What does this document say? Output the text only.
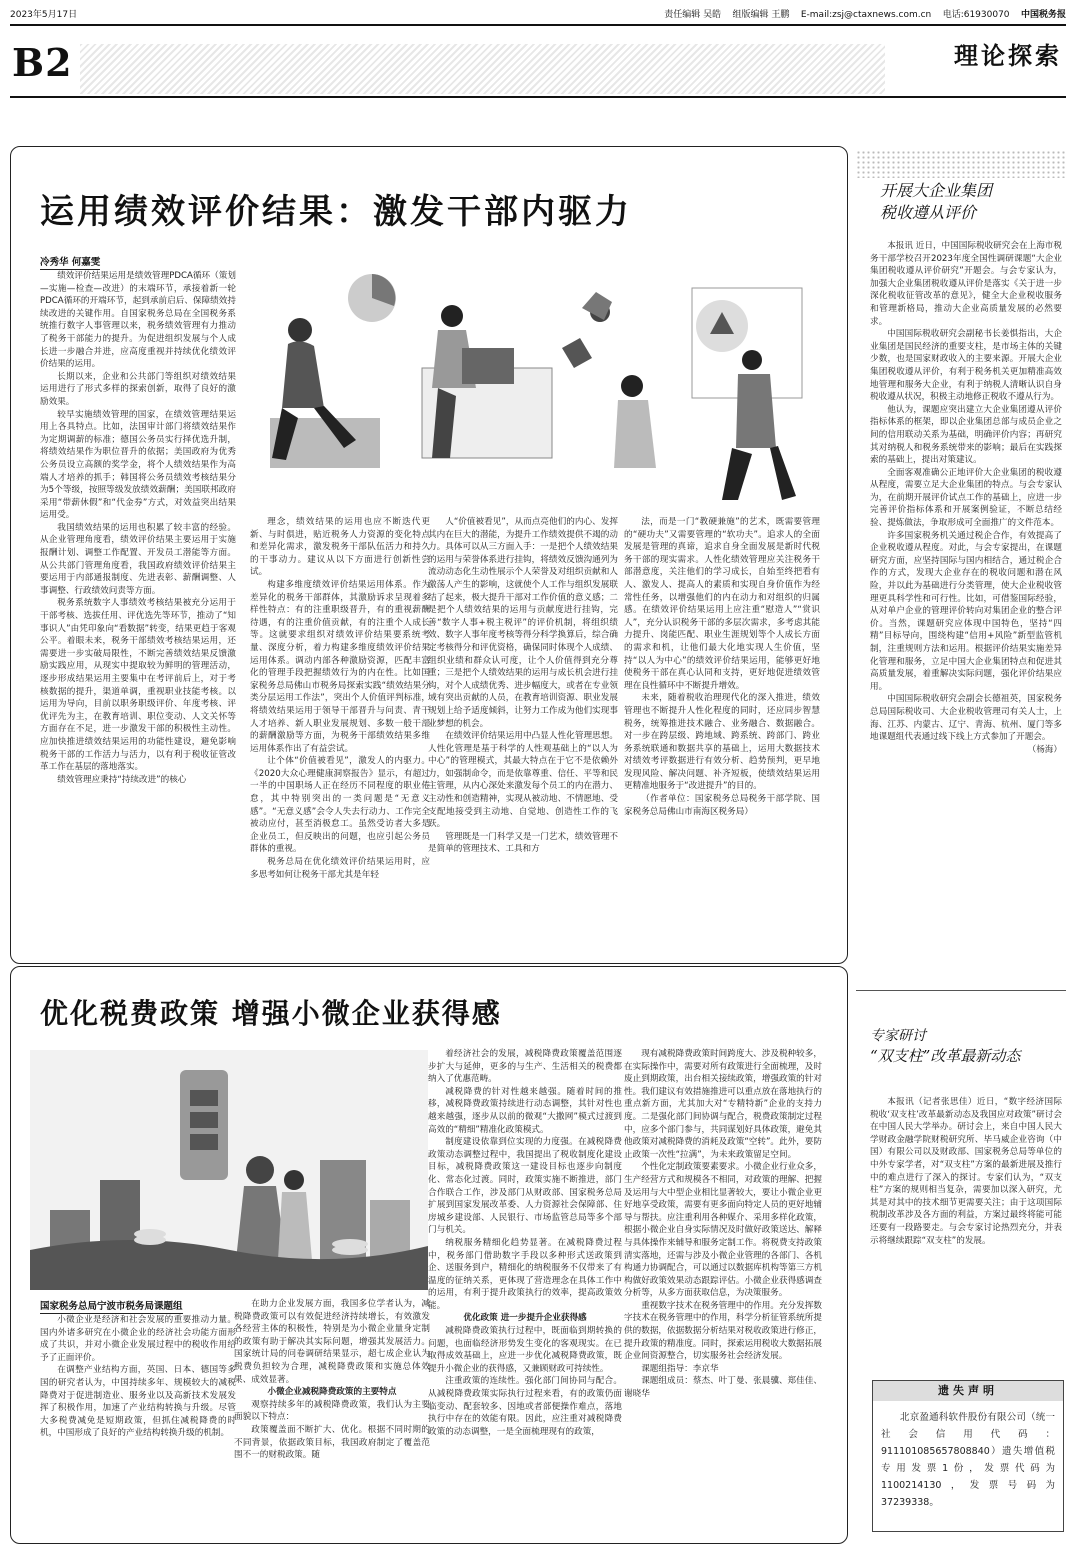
2023年5月17日	责任编辑 吴皓 组版编辑 王鹏 E-mail:zsj@ctaxnews.com.cn 电话:61930070 中国税务报
B2	理论探索
运用绩效评价结果：激发干部内驱力
冷秀华 何嘉雯

绩效评价结果运用是绩效管理PDCA循环（策划—实施—检查—改进）的末端环节，承接着新一轮PDCA循环的开端环节，起到承前启后、保障绩效持续改进的关键作用。自国家税务总局在全国税务系统推行数字人事管理以来，税务绩效管理有力推动了税务干部能力的提升。为促进组织发展与个人成长进一步融合并进，应高度重视并持续优化绩效评价结果的运用。

长期以来，企业和公共部门等组织对绩效结果运用进行了形式多样的探索创新，取得了良好的激励效果。

较早实施绩效管理的国家，在绩效管理结果运用上各具特点。比如，法国审计部门将绩效结果作为定期调薪的标准；德国公务员实行择优选升制，将绩效结果作为职位晋升的依据；美国政府为优秀公务员设立高额的奖学金，将个人绩效结果作为高端人才培养的抓手；韩国将公务员绩效考核结果分为5个等级，按照等级发放绩效薪酬；美国联邦政府采用“带薪休假”和“代金券”方式，对效益突出结果运用受。

我国绩效结果的运用也积累了较丰富的经验。从企业管理角度看，绩效评价结果主要运用于实施报酬计划、调整工作配置、开发员工潜能等方面。从公共部门管理角度看，我国政府绩效评价结果主要运用于内部通报制度、先进表彰、薪酬调整、人事调整、行政绩效问责等方面。

税务系统数字人事绩效考核结果被充分运用于干部考核、选拔任用、评优选先等环节，推动了“知事识人”由凭印象向“看数据”转变，结果更趋于客观公平。着眼未来，税务干部绩效考核结果运用，还需要进一步实破局限性，不断完善绩效结果反馈激励实践应用，从现实中提取较为鲜明的管理活动，逐步形成结果运用主要集中在考评前后上，对于考核数据的提升，渠道单调，重视职业技能考核。以运用为导向，目前以职务职级评价、年度考核、评优评先为主，在教育培训、职位变动、人文关怀等方面存在不足，进一步激发干部的积极性主动性。应加快推进绩效结果运用的功能性建设，避免影响税务干部的工作活力与活力，以有利于税收征管改革工作在基层的落地落实。

绩效管理应秉持“持续改进”的核心

理念，绩效结果的运用也应不断迭代更新、与时俱进，贴近税务人力资源的变化特点和差异化需求，激发税务干部队伍活力和持久的干事动力。建议从以下方面进行创新性尝试。

构建多维度绩效评价结果运用体系。作为差异化的税务干部群体，其激励诉求呈现着多样性特点：有的注重职级晋升，有的重视薪酬待遇，有的注重价值贡献，有的注重个人成长等。这就要求组织对绩效评价结果要系统考量、深度分析，着力构建多维度绩效评价结果运用体系。调动内部各种激励资源，匹配丰富化的管理手段把握绩效行为的内在性。比如国家税务总局佛山市税务局探索实践“绩效结果分类分层运用工作法”，突出个人价值评判标准，将绩效结果运用于领导干部晋升与问责、青干人才培养、新人职业发展规划、多数一般干部的薪酬激励等方面，为税务干部绩效结果多维运用体系作出了有益尝试。

让个体“价值被看见”，激发人的内驱力。《2020大众心理健康洞察报告》显示，有超过一半的中国职场人正在经历不同程度的职业倦怠，其中特别突出的一类问题是“无意义感”。“无意义感”会令人失去行动力、工作完全被动应付，甚至消极怠工。虽然受访者大多是企业员工，但反映出的问题，也应引起公务员群体的重视。

税务总局在优化绩效评价结果运用时，应多思考如何让税务干部尤其是年轻

人“价值被看见”，从而点亮他们的内心、发挥其内在巨大的潜能，为提升工作绩效提供不竭的动力。具体可以从三方面入手：一是把个人绩效结果的运用与荣誉体系进行挂钩，将绩效反馈沟通列为流动动态化生动性展示个人荣誉及对组织贡献和人激荡人产生的影响，这就使个人工作与组织发展联结了起来，极大提升干部对工作价值的意义感；二是把个人绩效结果的运用与贡献度进行挂钩，完善“数字人事+税主税评”的评价机制，将组织绩效、数字人事年度考核等得分科学换算后，综合确定考核得分和评优资格，确保同时体现个人成绩、组织业绩和群众认可度，让个人价值得到充分尊重；三是把个人绩效结果的运用与成长机会进行挂钩，对个人成绩优秀、进步幅度大，或者在专业领域有突出贡献的人员，在教育培训资源、职业发展规划上给予适度倾斜，让努力工作成为他们实现事业梦想的机会。

在绩效评价结果运用中凸显人性化管理思想。人性化管理是基于科学的人性观基础上的“以人为中心”的管理模式，其最大特点在于它不是依赖外力，如强制命令，而是依靠尊重、信任、平等和民主管理，从内心深处来激发每个员工的内在潜力、主动性和创造精神，实现从被动地、不情愿地、受支配地接受到主动地、自觉地、创造性工作的飞跃。

管理既是一门科学又是一门艺术，绩效管理不是简单的管理技术、工具和方

法，而是一门“教硬兼施”的艺术，既需要管理的“硬功夫”又需要管理的“软功夫”。追求人的全面发展是管理的真谛，追求自身全面发展是新时代税务干部的现实需求。人性化绩效管理应关注税务干部潜意度，关注他们的学习成长，自始至终把看有人、激发人、提高人的素质和实现自身价值作为经常性任务，以增强他们的内在动力和对组织的归属感。在绩效评价结果运用上应注重“慰造人”“赏识人”，充分认识税务干部的多层次需求，多考虑其能力提升、岗能匹配、职业生涯规划等个人成长方面的需求和机，让他们最大化地实现人生价值，坚持“以人为中心”的绩效评价结果运用，能够更好地使税务干部在真心认同和支持，更好地促进绩效管理在良性循环中不断提升增效。

未来，随着税收治理现代化的深入推进，绩效管理也不断提升人性化程度的同时，还应同步智慧税务，统筹推进技术融合、业务融合、数据融合。对一步在跨层级、跨地域、跨系统、跨部门、跨业务系统联通和数据共享的基础上，运用大数据技术对绩效考评数据进行有效分析、趋势预判，更早地发现风险、解决问题、补齐短板，使绩效结果运用更精准地服务于“改进提升”的目的。

（作者单位：国家税务总局税务干部学院、国家税务总局佛山市南海区税务局）

优化税费政策 增强小微企业获得感
国家税务总局宁波市税务局课题组

小微企业是经济和社会发展的重要推动力量。国内外诸多研究在小微企业的经济社会功能方面形成了共识，并对小微企业发展过程中的税收作用给予了正面评价。

在调整产业结构方面，英国、日本、德国等多国的研究者认为，中国持续多年、规模较大的减税降费对于促进制造业、服务业以及高新技术发展发挥了积极作用，加速了产业结构转换与升级。尽管大多税费减免是短期政策，但抓住减税降费的时机，中国形成了良好的产业结构转换升级的机制。

在助力企业发展方面，我国多位学者认为，减税降费政策可以有效促进经济持续增长，有效激发各经营主体的积极性，特别是为小微企业量身定制的政策有助于解决其实际问题，增强其发展活力。国家统计局的问卷调研结果显示，超七成企业认为税费负担较为合理，减税降费政策和实施总体效果、成效显著。

小微企业减税降费政策的主要特点

观察持续多年的减税降费政策，我们认为主要面貌以下特点：

政策覆盖面不断扩大、优化。根据不同时期的不同背景，依据政策目标，我国政府制定了覆盖范围不一的财税政策。随

着经济社会的发展，减税降费政策覆盖范围逐步扩大与延伸，更多的与生产、生活相关的税费都纳入了优惠范畴。

减税降费的针对性越来越强。随着时间的推移，减税降费政策持续进行动态调整，其针对性也越来越强，逐步从以前的微观“大撒网”模式过渡到高效的“精细”精准化政策模式。

制度建设依靠到位实现的力度强。在减税降费政策动态调整过程中，我国提出了税收制度化建设目标，减税降费政策这一建设目标也逐步向制度化、常态化过渡。同时，政策实施不断推进，部门合作联合工作，涉及部门从财政部、国家税务总局扩展到国家发展改革委、人力资源社会保障部、住房城乡建设部、人民银行、市场监管总局等多个部门与机关。

纳税服务精细化趋势显著。在减税降费过程中，税务部门借助数字手段以多种形式送政策到企、送服务到户，精细化的纳税服务不仅带来了有温度的征纳关系，更体现了营造理念在具体工作中的运用，有利于提升政策执行的效率，提高政策效能。

优化政策 进一步提升企业获得感

减税降费政策执行过程中，既面临到期转换的问题，也面临经济形势发生变化的客观现实。在已取得成效基础上，应进一步优化减税降费政策，既提升小微企业的获得感，又兼顾财政可持续性。

注重政策的连续性。强化部门间协同与配合。从减税降费政策实际执行过程来看，有的政策仍面临变动、配套较多、因地或者部便操作难点，落地执行中存在的效能有限。因此，应注重对减税降费政策的动态调整，一是全面梳理现有的政策，

现有减税降费政策时间跨度大、涉及税种较多，在实际操作中，需要对所有政策进行全面梳理，及时废止到期政策，出台相关接续政策，增强政策的针对性。我们建议有效措施推进可以重点放在落地执行的重点新方面，尤其加大对“专精特新”企业的支持力度。二是强化部门间协调与配合，税费政策制定过程中，应多个部门参与，共同谋划好具体政策，避免其他政策对减税降费的消耗及政策“空转”。此外，要防止政策一次性“拉满”，为未来政策留足空间。

个性化定制政策要素要求。小微企业行业众多，生产经营方式和规模各不相同，对政策的理解、把握及运用与大中型企业相比显著较大，要让小微企业更好地享受政策，需要有更多面向特定人员的更好地辅导与帮扶。应注重利用各种媒介、采用多样化政策，根据小微企业自身实际情况及时做好政策送达、解释与具体操作来辅导和服务定制工作。将税费支持政策清实落地，还需与涉及小微企业管理的各部门、各机构通力协调配合，可以通过以数据库机构等第三方机构做好政策效果动态跟踪评估。小微企业获得感调查分析等，从多方面获取信息，为决策服务。

重视数字技术在税务管理中的作用。充分发挥数字技术在税务管理中的作用，科学分析征管系统所提供的数据，依据数据分析结果对税收政策进行修正，提升政策的精准度。同时，探索运用税收大数据拓展企业间资源整合，切实服务社会经济发展。

课题组指导：李京华

课题组成员：蔡杰、叶丁曼、张晨骥、郑佳佳、谢晓华

开展大企业集团
税收遵从评价

本报讯 近日，中国国际税收研究会在上海市税务干部学校召开2023年度全国性调研课题“大企业集团税收遵从评价研究”开题会。与会专家认为，加强大企业集团税收遵从评价是落实《关于进一步深化税收征管改革的意见》，健全大企业税收服务和管理新格局，推动大企业高质量发展的必然要求。

中国国际税收研究会副秘书长姜惧指出，大企业集团是国民经济的重要支柱，是市场主体的关键少数，也是国家财政收入的主要来源。开展大企业集团税收遵从评价，有利于税务机关更加精准高效地管理和服务大企业，有利于纳税人清晰认识自身税收遵从状况，积极主动地修正税收不遵从行为。

他认为，课题应突出建立大企业集团遵从评价指标体系的框架，即以企业集团总部与成员企业之间的信用联动关系为基础，明确评价内容；再研究其对纳税人和税务系统带来的影响；最后在实践探索的基础上，提出对策建议。

全面客观准确公正地评价大企业集团的税收遵从程度，需要立足大企业集团的特点。与会专家认为，在前期开展评价试点工作的基础上，应进一步完善评价指标体系和开展案例验证，不断总结经验、提炼做法，争取形成可全面推广的文件范本。

许多国家税务机关通过税企合作，有效提高了企业税收遵从程度。对此，与会专家提出，在课题研究方面，应坚持国际与国内相结合，通过税企合作的方式，发现大企业存在的税收问题和潜在风险，并以此为基础进行分类管理，使大企业税收管理更具科学性和可行性。比如，可借鉴国际经验，从对单户企业的管理评价转向对集团企业的整合评价。当然，课题研究应体现中国特色，坚持“四精”目标导向，围绕构建“信用+风险”新型监管机制，注重规则方法和运用。根据评价结果实施差异化管理和服务，立足中国大企业集团特点和促进其高质量发展，着重解决实际问题，强化评价结果应用。

中国国际税收研究会副会长德祖英，国家税务总局国际税收司、大企业税收管理司有关人士，上海、江苏、内蒙古、辽宁、青海、杭州、厦门等多地课题组代表通过线下线上方式参加了开题会。

（杨海）

专家研讨
“双支柱”改革最新动态

本报讯（记者张思佳）近日，“数字经济国际税收‘双支柱’改革最新动态及我国应对政策”研讨会在中国人民大学举办。研讨会上，来自中国人民大学财政金融学院财税研究所、毕马威企业咨询（中国）有限公司以及财政部、国家税务总局等单位的中外专家学者，对“双支柱”方案的最新进展及推行中的难点进行了深入的探讨。专家们认为，“双支柱”方案的规则相当复杂，需要加以深入研究，尤其是对其中的技术细节更需要关注；由于这项国际税制改革涉及各方面的利益，方案过最终将能可能还要有一段路要走。与会专家讨论热烈充分，并表示将继续跟踪“双支柱”的发展。

遗失声明
北京盈通科软件股份有限公司（统一社会信用代码：911101085657808840）遗失增值税专用发票1份，发票代码为1100214130，发票号码为37239338。
